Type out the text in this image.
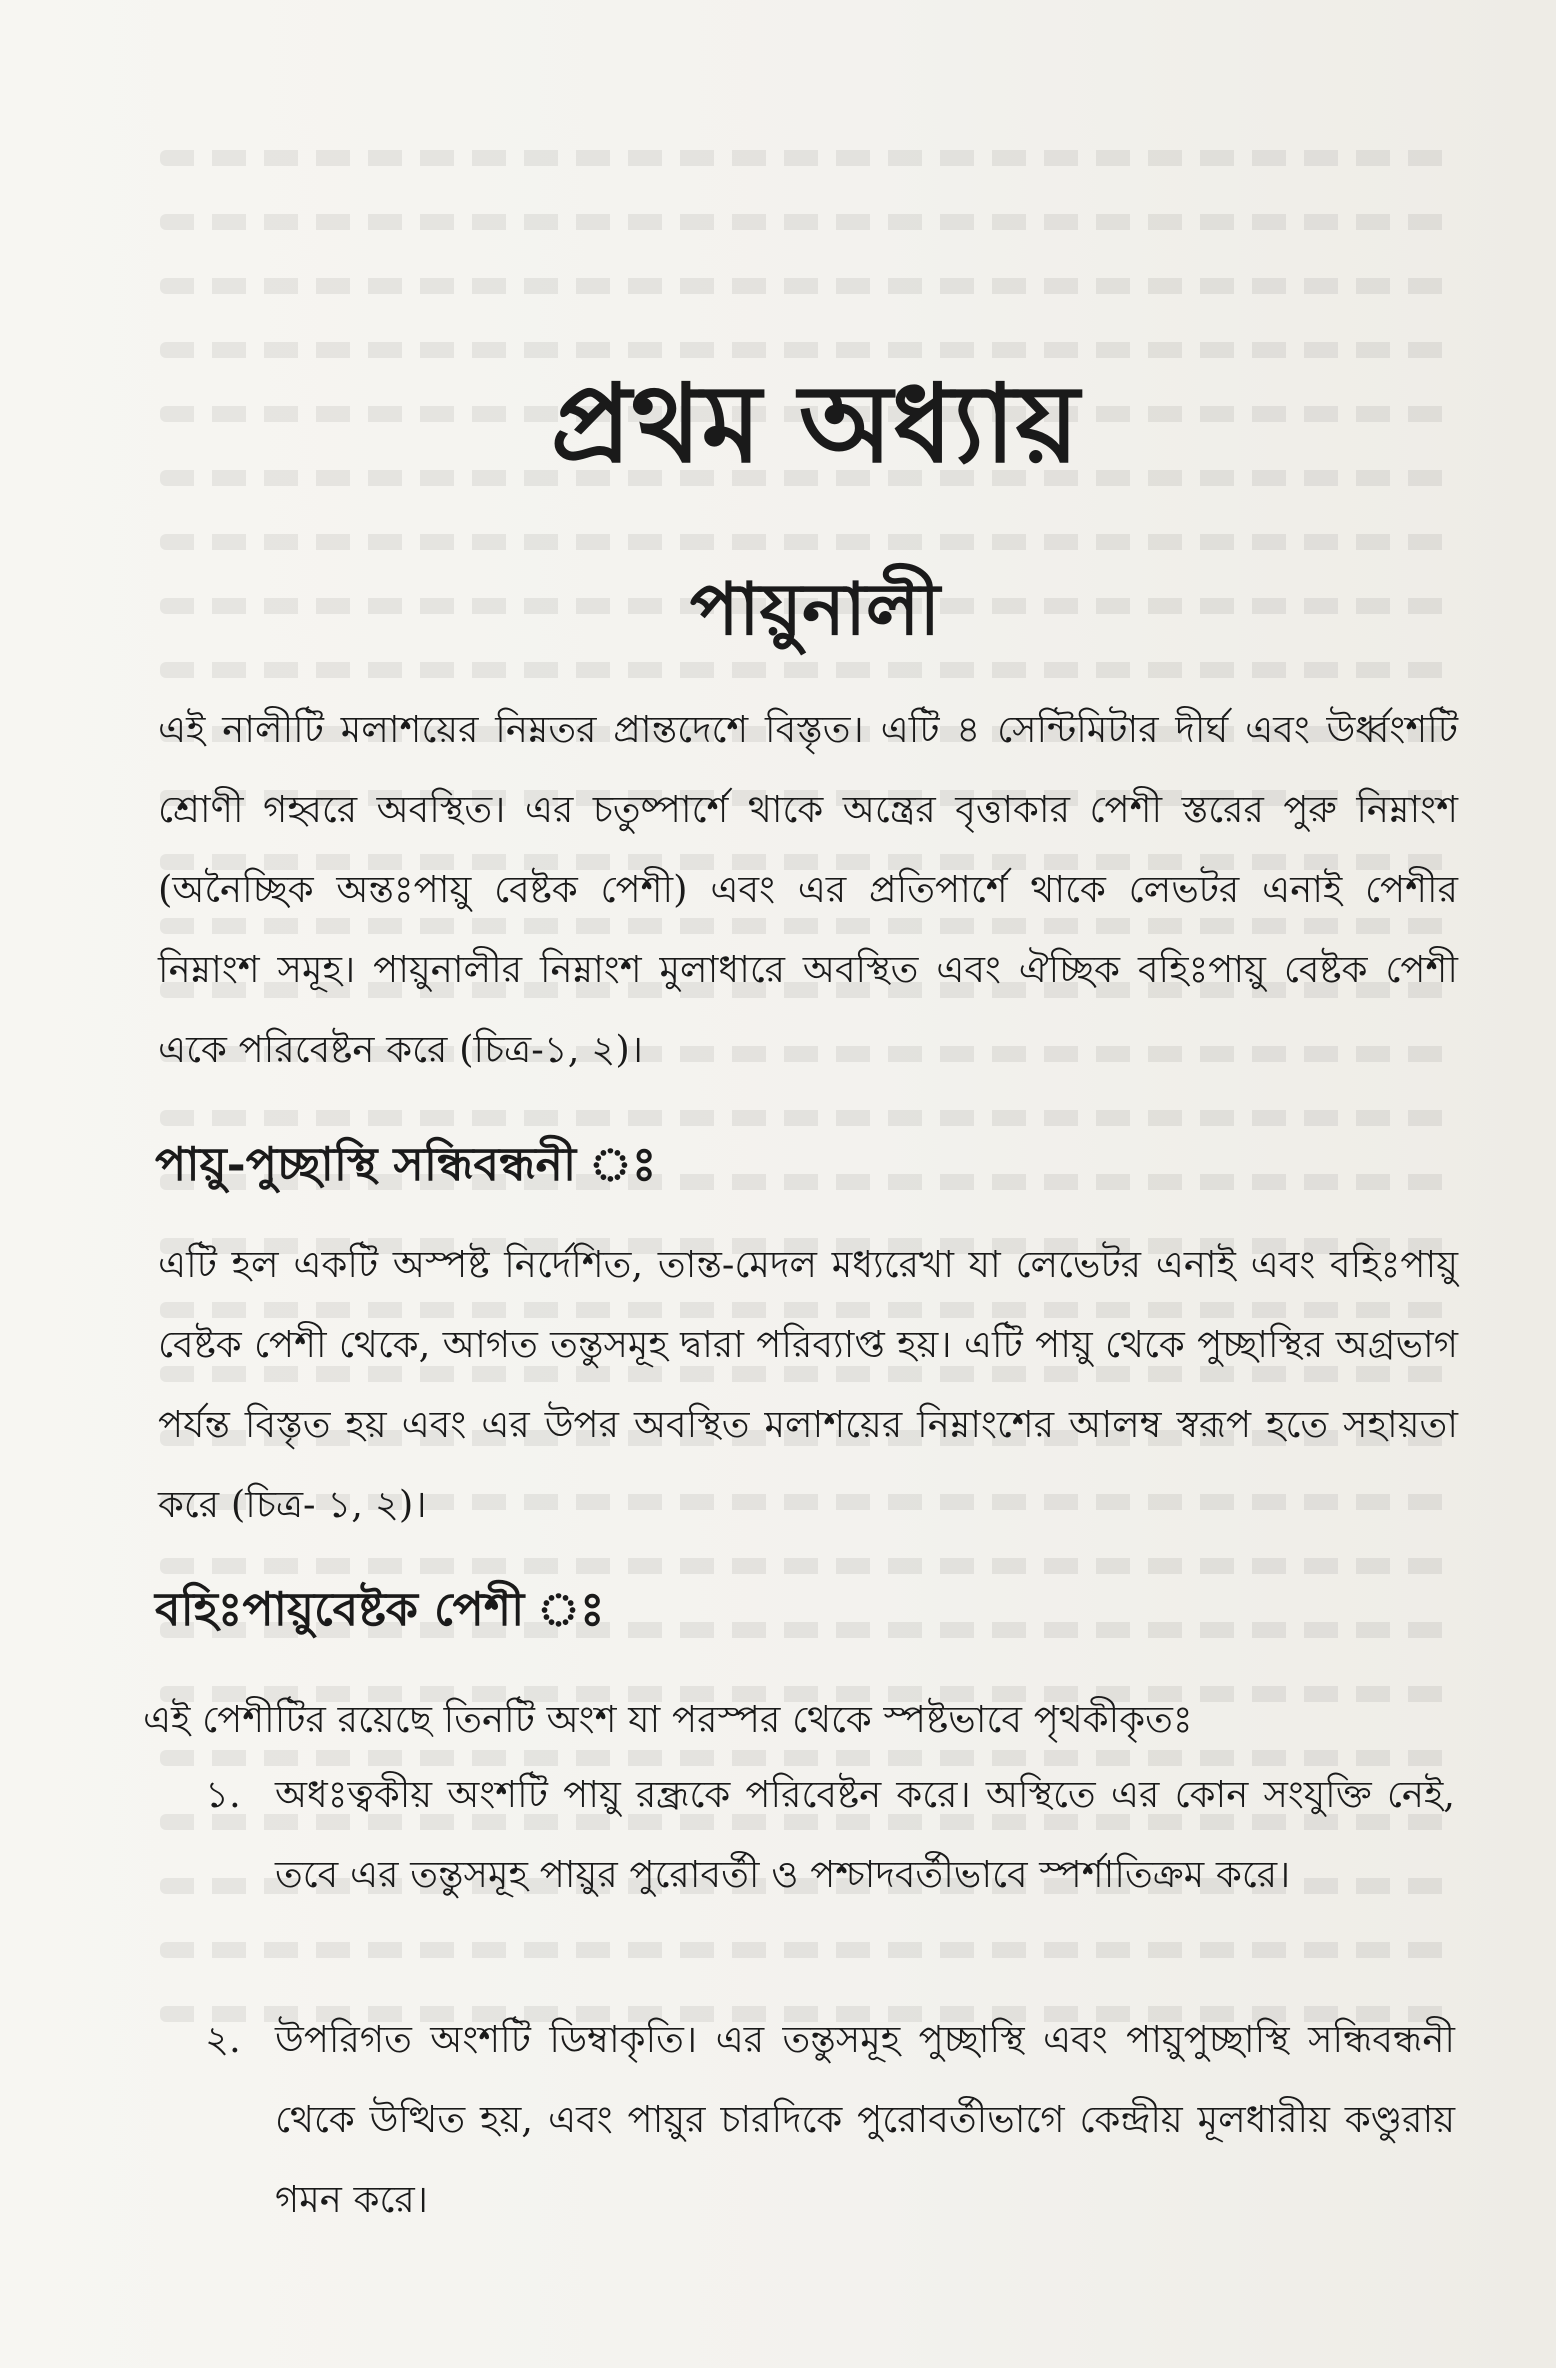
প্রথম অধ্যায়
পায়ুনালী

এই নালীটি মলাশয়ের নিম্নতর প্রান্তদেশে বিস্তৃত। এটি ৪ সেন্টিমিটার দীর্ঘ এবং উর্ধ্বংশটি শ্রোণী গহ্বরে অবস্থিত। এর চতুষ্পার্শে থাকে অন্ত্রের বৃত্তাকার পেশী স্তরের পুরু নিম্নাংশ (অনৈচ্ছিক অন্তঃপায়ু বেষ্টক পেশী) এবং এর প্রতিপার্শে থাকে লেভটর এনাই পেশীর নিম্নাংশ সমূহ। পায়ুনালীর নিম্নাংশ মুলাধারে অবস্থিত এবং ঐচ্ছিক বহিঃপায়ু বেষ্টক পেশী একে পরিবেষ্টন করে (চিত্র-১, ২)।

পায়ু-পুচ্ছাস্থি সন্ধিবন্ধনী ঃ

এটি হল একটি অস্পষ্ট নির্দেশিত, তান্ত-মেদল মধ্যরেখা যা লেভেটর এনাই এবং বহিঃপায়ু বেষ্টক পেশী থেকে, আগত তন্তুসমূহ দ্বারা পরিব্যাপ্ত হয়। এটি পায়ু থেকে পুচ্ছাস্থির অগ্রভাগ পর্যন্ত বিস্তৃত হয় এবং এর উপর অবস্থিত মলাশয়ের নিম্নাংশের আলম্ব স্বরূপ হতে সহায়তা করে (চিত্র- ১, ২)।

বহিঃপায়ুবেষ্টক পেশী ঃ

এই পেশীটির রয়েছে তিনটি অংশ যা পরস্পর থেকে স্পষ্টভাবে পৃথকীকৃতঃ

১. অধঃত্বকীয় অংশটি পায়ু রন্ধ্রকে পরিবেষ্টন করে। অস্থিতে এর কোন সংযুক্তি নেই, তবে এর তন্তুসমূহ পায়ুর পুরোবর্তী ও পশ্চাদবর্তীভাবে স্পর্শাতিক্রম করে।
২. উপরিগত অংশটি ডিম্বাকৃতি। এর তন্তুসমূহ পুচ্ছাস্থি এবং পায়ুপুচ্ছাস্থি সন্ধিবন্ধনী থেকে উত্থিত হয়, এবং পায়ুর চারদিকে পুরোবর্তীভাগে কেন্দ্রীয় মূলধারীয় কণ্ডুরায় গমন করে।
